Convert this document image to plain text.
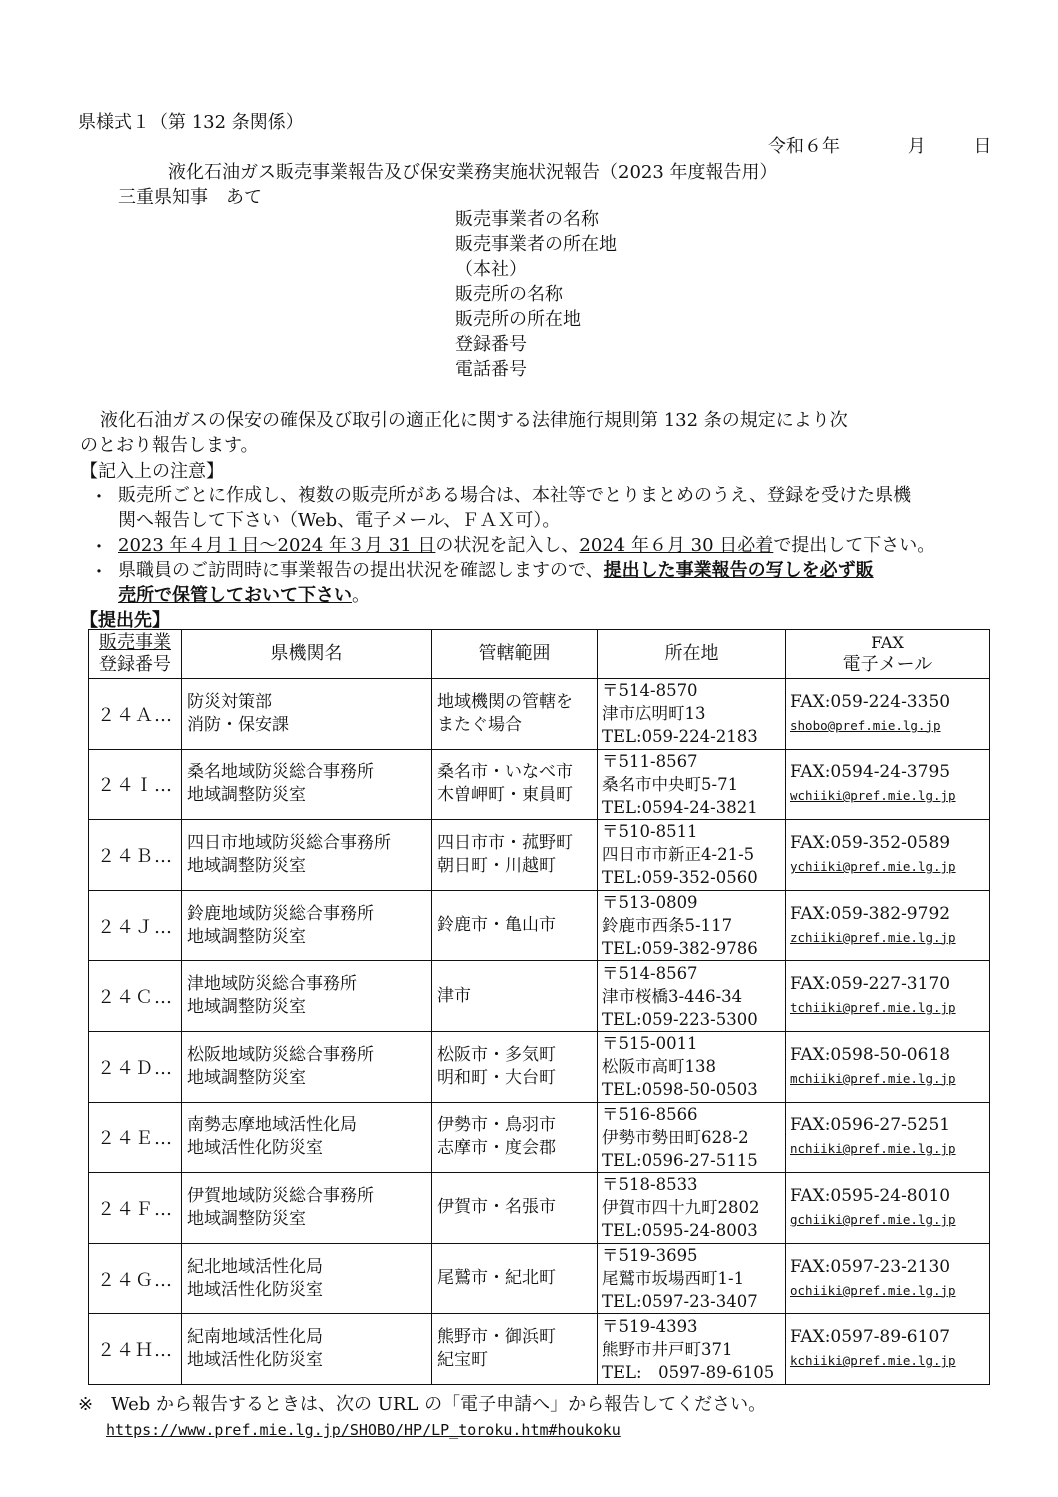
県様式１（第 132 条関係）
令和６年	月	日
液化石油ガス販売事業報告及び保安業務実施状況報告（2023 年度報告用）
三重県知事　あて
販売事業者の名称
販売事業者の所在地
（本社）
販売所の名称
販売所の所在地
登録番号
電話番号
液化石油ガスの保安の確保及び取引の適正化に関する法律施行規則第 132 条の規定により次
のとおり報告します。
【記入上の注意】
・ 販売所ごとに作成し、複数の販売所がある場合は、本社等でとりまとめのうえ、登録を受けた県機
関へ報告して下さい（Web、電子メール、ＦＡＸ可）。
・ 2023 年４月１日～2024 年３月 31 日の状況を記入し、2024 年６月 30 日必着で提出して下さい。
・ 県職員のご訪問時に事業報告の提出状況を確認しますので、提出した事業報告の写しを必ず販
売所で保管しておいて下さい。
【提出先】
販売事業
登録番号	県機関名	管轄範囲	所在地	FAX
電子メール

２４Ａ…	防災対策部
消防・保安課	地域機関の管轄を
またぐ場合	〒514-8570
津市広明町13
TEL:059-224-2183	FAX:059-224-3350
shobo@pref.mie.lg.jp

２４Ｉ…	桑名地域防災総合事務所
地域調整防災室	桑名市・いなべ市
木曽岬町・東員町	〒511-8567
桑名市中央町5-71
TEL:0594-24-3821	FAX:0594-24-3795
wchiiki@pref.mie.lg.jp

２４Ｂ…	四日市地域防災総合事務所
地域調整防災室	四日市市・菰野町
朝日町・川越町	〒510-8511
四日市市新正4-21-5
TEL:059-352-0560	FAX:059-352-0589
ychiiki@pref.mie.lg.jp

２４Ｊ…	鈴鹿地域防災総合事務所
地域調整防災室	鈴鹿市・亀山市	〒513-0809
鈴鹿市西条5-117
TEL:059-382-9786	FAX:059-382-9792
zchiiki@pref.mie.lg.jp

２４Ｃ…	津地域防災総合事務所
地域調整防災室	津市	〒514-8567
津市桜橋3-446-34
TEL:059-223-5300	FAX:059-227-3170
tchiiki@pref.mie.lg.jp

２４Ｄ…	松阪地域防災総合事務所
地域調整防災室	松阪市・多気町
明和町・大台町	〒515-0011
松阪市高町138
TEL:0598-50-0503	FAX:0598-50-0618
mchiiki@pref.mie.lg.jp

２４Ｅ…	南勢志摩地域活性化局
地域活性化防災室	伊勢市・鳥羽市
志摩市・度会郡	〒516-8566
伊勢市勢田町628-2
TEL:0596-27-5115	FAX:0596-27-5251
nchiiki@pref.mie.lg.jp

２４Ｆ…	伊賀地域防災総合事務所
地域調整防災室	伊賀市・名張市	〒518-8533
伊賀市四十九町2802
TEL:0595-24-8003	FAX:0595-24-8010
gchiiki@pref.mie.lg.jp

２４Ｇ…	紀北地域活性化局
地域活性化防災室	尾鷲市・紀北町	〒519-3695
尾鷲市坂場西町1-1
TEL:0597-23-3407	FAX:0597-23-2130
ochiiki@pref.mie.lg.jp

２４Ｈ…	紀南地域活性化局
地域活性化防災室	熊野市・御浜町
紀宝町	〒519-4393
熊野市井戸町371
TEL:　0597-89-6105	FAX:0597-89-6107
kchiiki@pref.mie.lg.jp
※　Web から報告するときは、次の URL の「電子申請へ」から報告してください。
https://www.pref.mie.lg.jp/SHOBO/HP/LP_toroku.htm#houkoku
